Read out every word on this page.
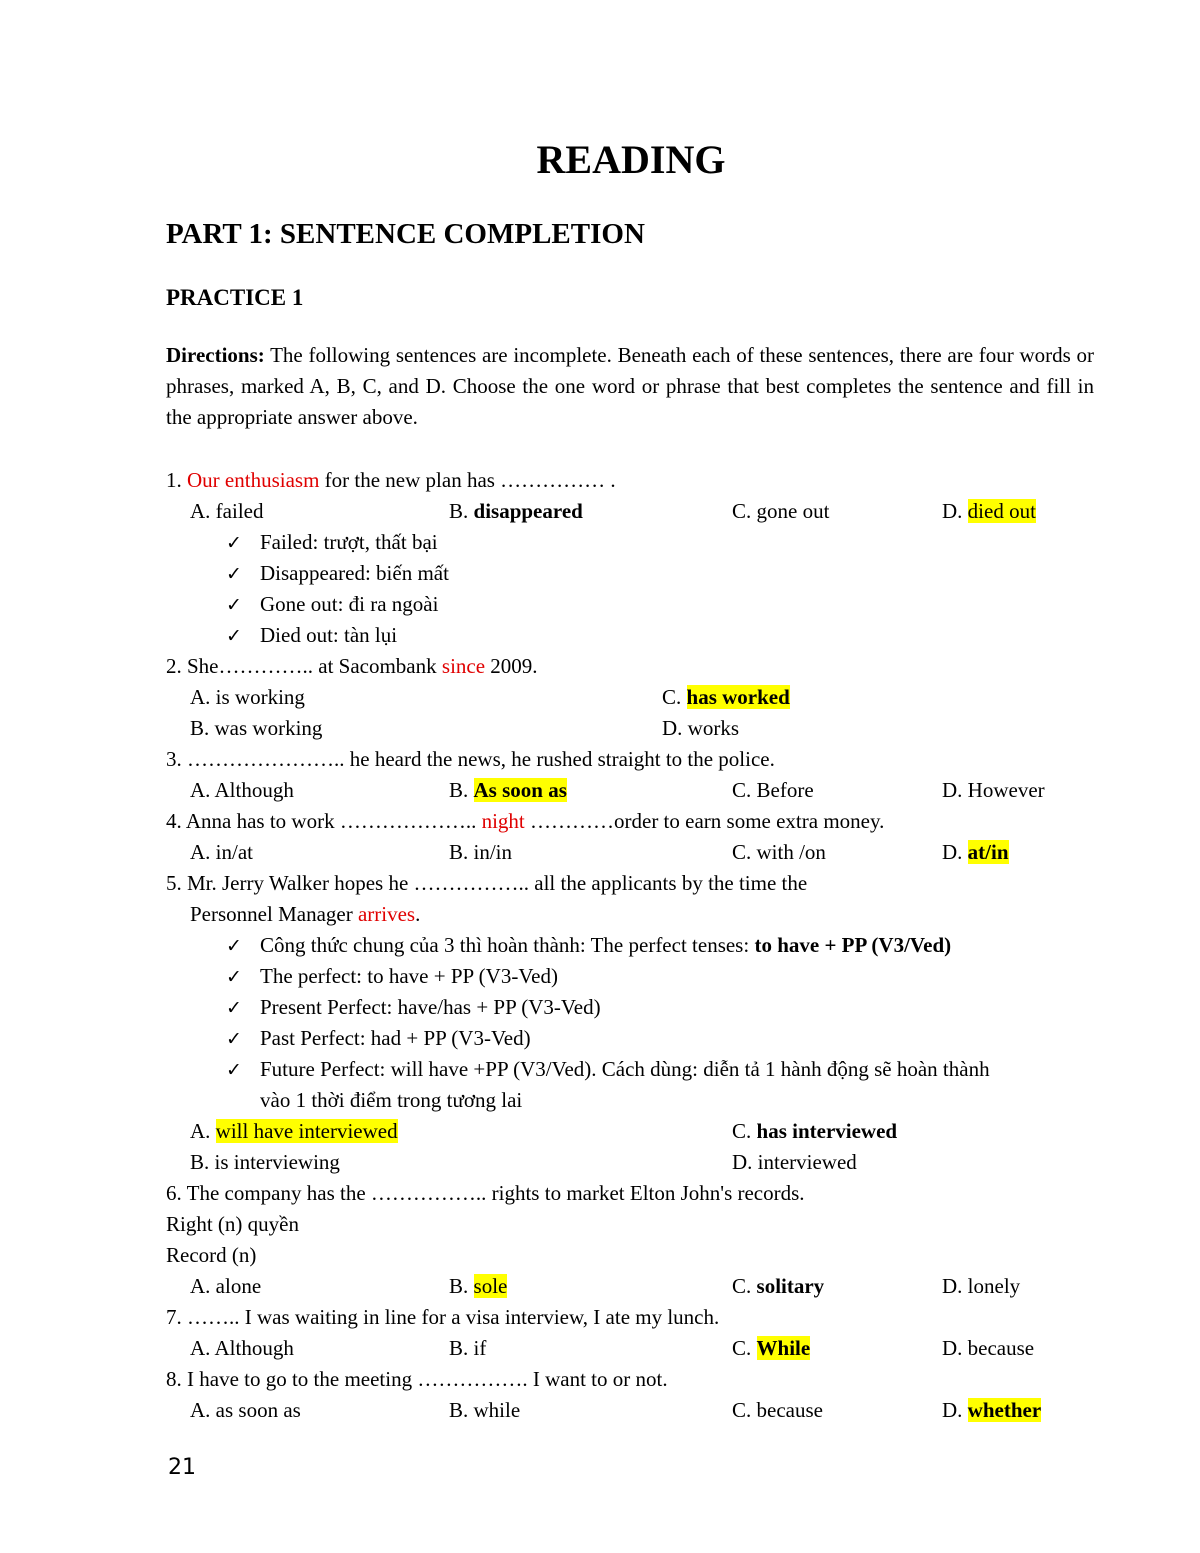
READING
PART 1: SENTENCE COMPLETION
PRACTICE 1
Directions: The following sentences are incomplete. Beneath each of these sentences, there are four words or phrases, marked A, B, C, and D. Choose the one word or phrase that best completes the sentence and fill in the appropriate answer above.
1. Our enthusiasm for the new plan has …………… .
A. failed	B. disappeared	C. gone out	D. died out
✓ Failed: trượt, thất bại
✓ Disappeared: biến mất
✓ Gone out: đi ra ngoài
✓ Died out: tàn lụi
2. She………….. at Sacombank since 2009.
A. is working	C. has worked
B. was working	D. works
3. ………………….. he heard the news, he rushed straight to the police.
A. Although	B. As soon as	C. Before	D. However
4. Anna has to work ……………….. night …………order to earn some extra money.
A. in/at	B. in/in	C. with /on	D. at/in
5. Mr. Jerry Walker hopes he …………….. all the applicants by the time the
Personnel Manager arrives.
✓ Công thức chung của 3 thì hoàn thành: The perfect tenses: to have + PP (V3/Ved)
✓ The perfect: to have + PP (V3-Ved)
✓ Present Perfect: have/has + PP (V3-Ved)
✓ Past Perfect: had + PP (V3-Ved)
✓ Future Perfect: will have +PP (V3/Ved). Cách dùng: diễn tả 1 hành động sẽ hoàn thành
vào 1 thời điểm trong tương lai
A. will have interviewed	C. has interviewed
B. is interviewing	D. interviewed
6. The company has the …………….. rights to market Elton John's records.
Right (n) quyền
Record (n)
A. alone	B. sole	C. solitary	D. lonely
7. …….. I was waiting in line for a visa interview, I ate my lunch.
A. Although	B. if	C. While	D. because
8. I have to go to the meeting ……………. I want to or not.
A. as soon as	B. while	C. because	D. whether
21
